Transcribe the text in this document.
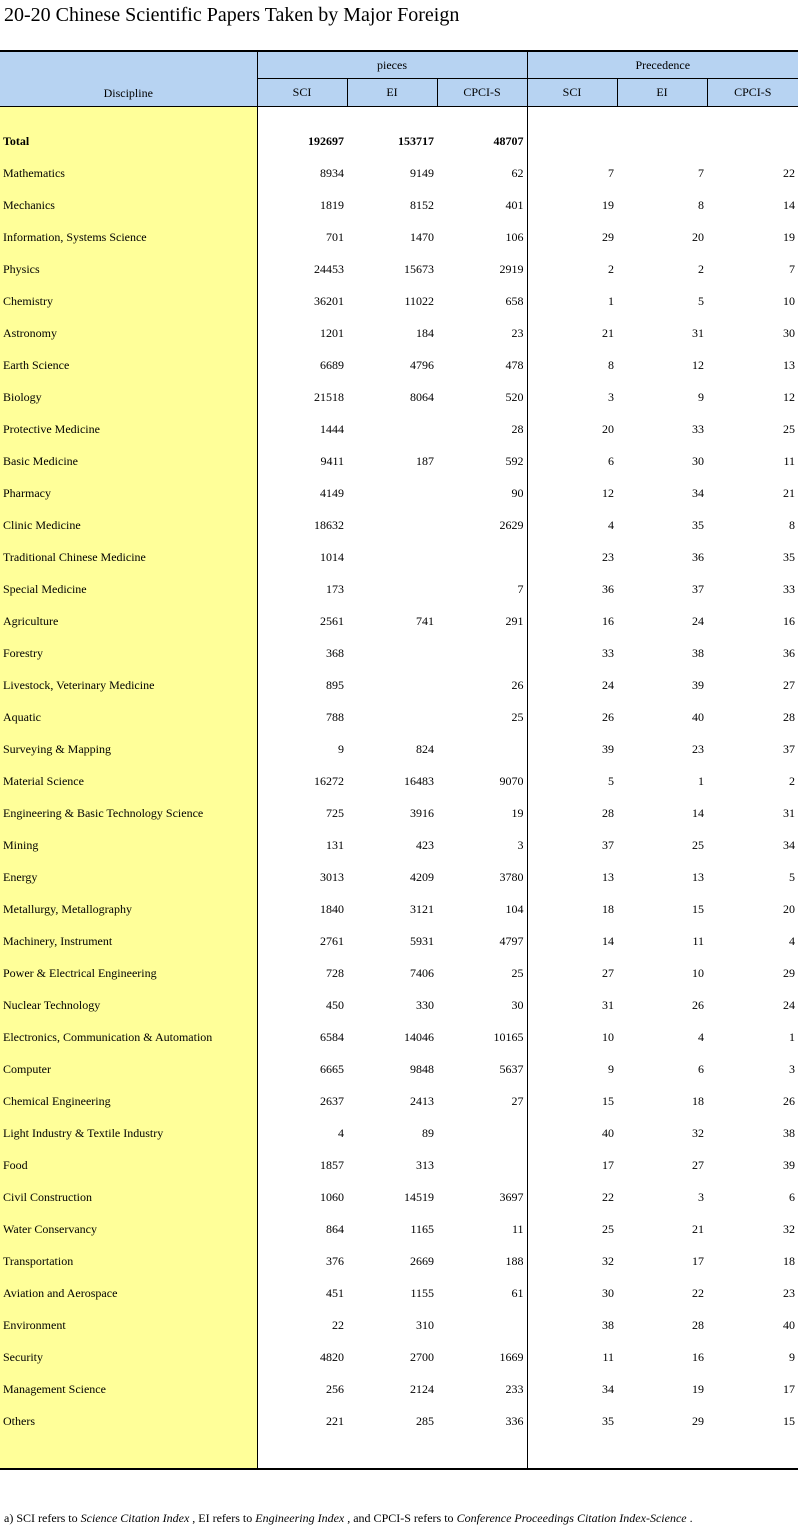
20-20 Chinese Scientific Papers Taken by Major Foreign
Discipline	pieces			Precedence		
	SCI	EI	CPCI-S	SCI	EI	CPCI-S

Total	192697	153717	48707			
Mathematics	8934	9149	62	7	7	22
Mechanics	1819	8152	401	19	8	14
Information, Systems Science	701	1470	106	29	20	19
Physics	24453	15673	2919	2	2	7
Chemistry	36201	11022	658	1	5	10
Astronomy	1201	184	23	21	31	30
Earth Science	6689	4796	478	8	12	13
Biology	21518	8064	520	3	9	12
Protective Medicine	1444		28	20	33	25
Basic Medicine	9411	187	592	6	30	11
Pharmacy	4149		90	12	34	21
Clinic Medicine	18632		2629	4	35	8
Traditional Chinese Medicine	1014			23	36	35
Special Medicine	173		7	36	37	33
Agriculture	2561	741	291	16	24	16
Forestry	368			33	38	36
Livestock, Veterinary Medicine	895		26	24	39	27
Aquatic	788		25	26	40	28
Surveying & Mapping	9	824		39	23	37
Material Science	16272	16483	9070	5	1	2
Engineering & Basic Technology Science	725	3916	19	28	14	31
Mining	131	423	3	37	25	34
Energy	3013	4209	3780	13	13	5
Metallurgy, Metallography	1840	3121	104	18	15	20
Machinery, Instrument	2761	5931	4797	14	11	4
Power & Electrical Engineering	728	7406	25	27	10	29
Nuclear Technology	450	330	30	31	26	24
Electronics, Communication & Automation	6584	14046	10165	10	4	1
Computer	6665	9848	5637	9	6	3
Chemical Engineering	2637	2413	27	15	18	26
Light Industry & Textile Industry	4	89		40	32	38
Food	1857	313		17	27	39
Civil Construction	1060	14519	3697	22	3	6
Water Conservancy	864	1165	11	25	21	32
Transportation	376	2669	188	32	17	18
Aviation and Aerospace	451	1155	61	30	22	23
Environment	22	310		38	28	40
Security	4820	2700	1669	11	16	9
Management Science	256	2124	233	34	19	17
Others	221	285	336	35	29	15

a) SCI refers to Science Citation Index , EI refers to Engineering Index , and CPCI-S refers to Conference Proceedings Citation Index-Science .
